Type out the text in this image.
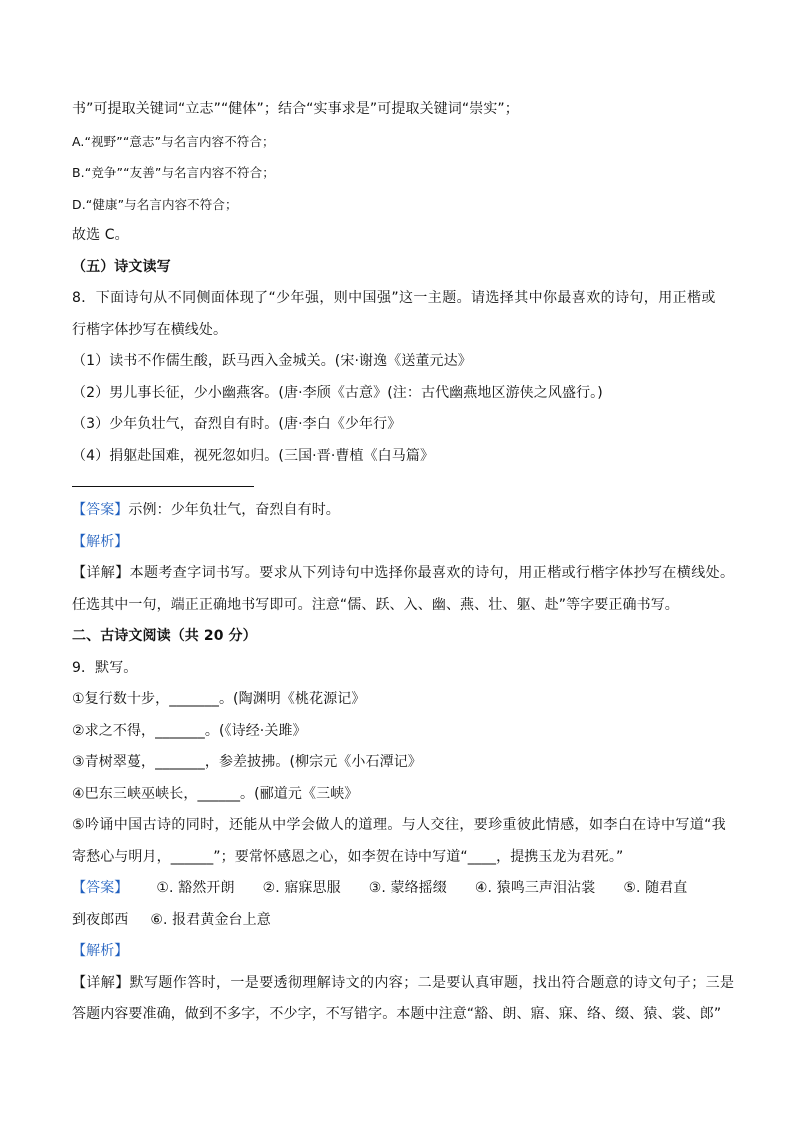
书”可提取关键词“立志”“健体”；结合“实事求是”可提取关键词“崇实”；
A.“视野”“意志”与名言内容不符合；
B.“竞争”“友善”与名言内容不符合；
D.“健康”与名言内容不符合；
故选 C。
（五）诗文读写
8．下面诗句从不同侧面体现了“少年强，则中国强”这一主题。请选择其中你最喜欢的诗句，用正楷或
行楷字体抄写在横线处。
（1）读书不作儒生酸，跃马西入金城关。(宋·谢逸《送董元达》
（2）男儿事长征，少小幽燕客。(唐·李颀《古意》(注：古代幽燕地区游侠之风盛行。)
（3）少年负壮气，奋烈自有时。(唐·李白《少年行》
（4）捐躯赴国难，视死忽如归。(三国·晋·曹植《白马篇》
【答案】示例：少年负壮气，奋烈自有时。
【解析】
【详解】本题考查字词书写。要求从下列诗句中选择你最喜欢的诗句，用正楷或行楷字体抄写在横线处。
任选其中一句，端正正确地书写即可。注意“儒、跃、入、幽、燕、壮、躯、赴”等字要正确书写。
二、古诗文阅读（共 20 分）
9．默写。
①复行数十步，_______。(陶渊明《桃花源记》
②求之不得，_______。(《诗经·关雎》
③青树翠蔓，_______，参差披拂。(柳宗元《小石潭记》
④巴东三峡巫峡长，______。(郦道元《三峡》
⑤吟诵中国古诗的同时，还能从中学会做人的道理。与人交往，要珍重彼此情感，如李白在诗中写道“我
寄愁心与明月，______”；要常怀感恩之心，如李贺在诗中写道“____，提携玉龙为君死。”
【答案】 ①. 豁然开朗 ②. 寤寐思服 ③. 蒙络摇缀 ④. 猿鸣三声泪沾裳 ⑤. 随君直
到夜郎西 ⑥. 报君黄金台上意
【解析】
【详解】默写题作答时，一是要透彻理解诗文的内容；二是要认真审题，找出符合题意的诗文句子；三是
答题内容要准确，做到不多字，不少字，不写错字。本题中注意“豁、朗、寤、寐、络、缀、猿、裳、郎”
